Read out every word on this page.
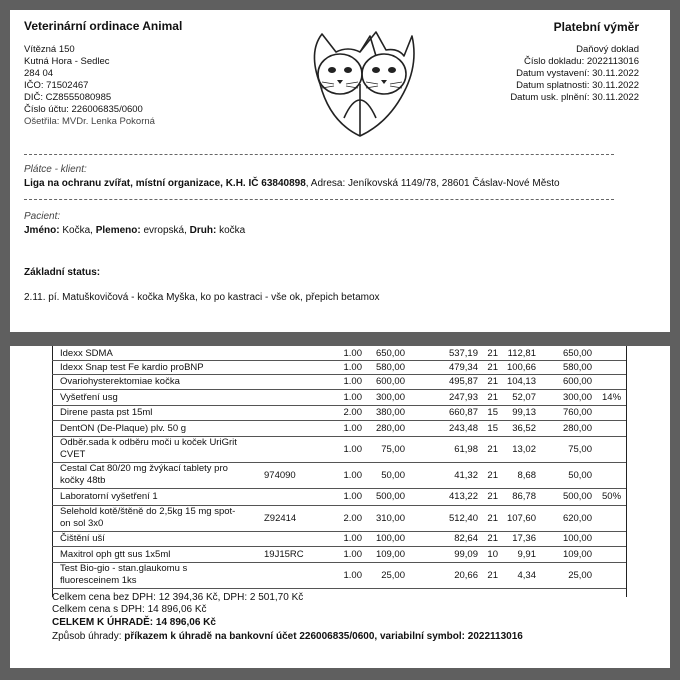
Veterinární ordinace Animal
Vítězná 150
Kutná Hora - Sedlec
284 04
IČO: 71502467
DIČ: CZ8555080985
Číslo účtu: 226006835/0600
Ošetřila: MVDr. Lenka Pokorná
Platební výměr
Daňový doklad
Číslo dokladu: 2022113016
Datum vystavení: 30.11.2022
Datum splatnosti: 30.11.2022
Datum usk. plnění: 30.11.2022
Plátce - klient:
Liga na ochranu zvířat, místní organizace, K.H. IČ 63840898, Adresa: Jeníkovská 1149/78, 28601 Čáslav-Nové Město
Pacient:
Jméno: Kočka, Plemeno: evropská, Druh: kočka
Základní status:
2.11. pí. Matuškovičová - kočka Myška, ko po kastraci - vše ok, přepich betamox
Idexx SDMA	1.00	650,00	537,19 21	112,81	650,00
Idexx Snap test Fe kardio proBNP	1.00	580,00	479,34 21 100,66	580,00
Ovariohysterektomiae kočka	1.00	600,00	495,87 21 104,13	600,00
Vyšetření usg	1.00	300,00	247,93 21	52,07	300,00 14%
Direne pasta pst 15ml	2.00	380,00	660,87 15	99,13	760,00
DentON (De-Plaque) plv. 50 g	1.00	280,00	243,48 15	36,52	280,00
Odběr.sada k odběru moči u koček UriGrit
CVET	1.00	75,00	61,98 21	13,02	75,00
Cestal Cat 80/20 mg žvýkací tablety pro
kočky 48tb	974090	1.00	50,00	41,32 21	8,68	50,00
Laboratorní vyšetření 1	1.00	500,00	413,22 21	86,78	500,00 50%
Selehold kotě/štěně do 2,5kg 15 mg spot-
on sol 3x0	Z92414	2.00	310,00	512,40 21 107,60	620,00
Čištění uší	1.00	100,00	82,64 21	17,36	100,00
Maxitrol oph gtt sus 1x5ml	19J15RC	1.00	109,00	99,09 10	9,91	109,00
Test Bio-gio - stan.glaukomu s
fluoresceinem 1ks	1.00	25,00	20,66 21	4,34	25,00
Celkem cena bez DPH: 12 394,36 Kč, DPH: 2 501,70 Kč
Celkem cena s DPH: 14 896,06 Kč
CELKEM K ÚHRADĚ: 14 896,06 Kč
Způsob úhrady: příkazem k úhradě na bankovní účet 226006835/0600, variabilní symbol: 2022113016
